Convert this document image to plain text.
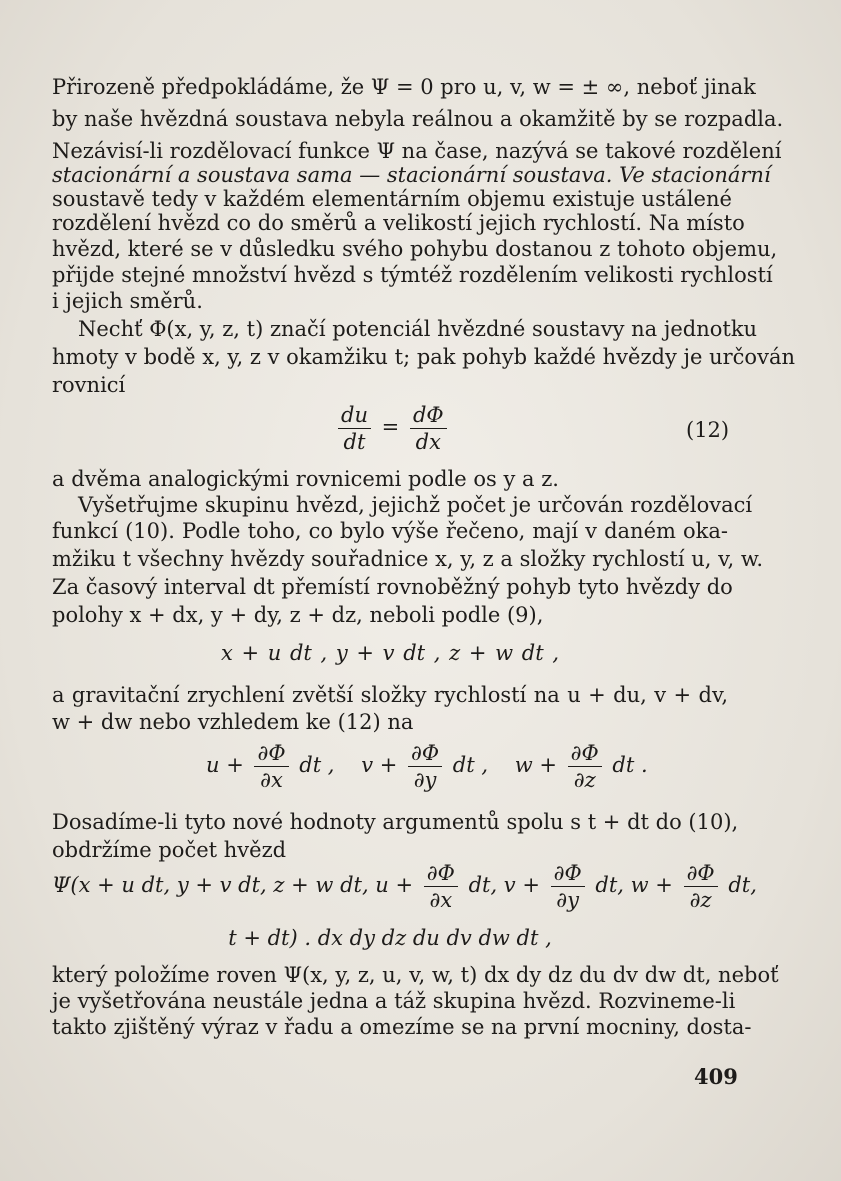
Přirozeně předpokládáme, že Ψ = 0 pro u, v, w = ± ∞, neboť jinak
by naše hvězdná soustava nebyla reálnou a okamžitě by se rozpadla.
Nezávisí-li rozdělovací funkce Ψ na čase, nazývá se takové rozdělení
stacionární a soustava sama — stacionární soustava. Ve stacionární
soustavě tedy v každém elementárním objemu existuje ustálené
rozdělení hvězd co do směrů a velikostí jejich rychlostí. Na místo
hvězd, které se v důsledku svého pohybu dostanou z tohoto objemu,
přijde stejné množství hvězd s týmtéž rozdělením velikosti rychlostí
i jejich směrů.
Nechť Φ(x, y, z, t) značí potenciál hvězdné soustavy na jednotku
hmoty v bodě x, y, z v okamžiku t; pak pohyb každé hvězdy je určován
rovnicí
$\frac{du}{dt} = \frac{d\Phi}{dx}$	(12)
a dvěma analogickými rovnicemi podle os y a z.
Vyšetřujme skupinu hvězd, jejichž počet je určován rozdělovací
funkcí (10). Podle toho, co bylo výše řečeno, mají v daném oka-
mžiku t všechny hvězdy souřadnice x, y, z a složky rychlostí u, v, w.
Za časový interval dt přemístí rovnoběžný pohyb tyto hvězdy do
polohy x + dx, y + dy, z + dz, neboli podle (9),
x + u dt , y + v dt , z + w dt ,
a gravitační zrychlení zvětší složky rychlostí na u + du, v + dv,
w + dw nebo vzhledem ke (12) na
$u + \frac{\partial\Phi}{\partial x}$ dt , $v + \frac{\partial\Phi}{\partial y}$ dt , $w + \frac{\partial\Phi}{\partial z}$ dt .
Dosadíme-li tyto nové hodnoty argumentů spolu s t + dt do (10),
obdržíme počet hvězd
Ψ(x + u dt, y + v dt, z + w dt, $u + \frac{\partial\Phi}{\partial x}$ dt, $v + \frac{\partial\Phi}{\partial y}$ dt, $w + \frac{\partial\Phi}{\partial z}$ dt,
t + dt) . dx dy dz du dv dw dt ,
který položíme roven Ψ(x, y, z, u, v, w, t) dx dy dz du dv dw dt, neboť
je vyšetřována neustále jedna a táž skupina hvězd. Rozvineme-li
takto zjištěný výraz v řadu a omezíme se na první mocniny, dosta-
409
